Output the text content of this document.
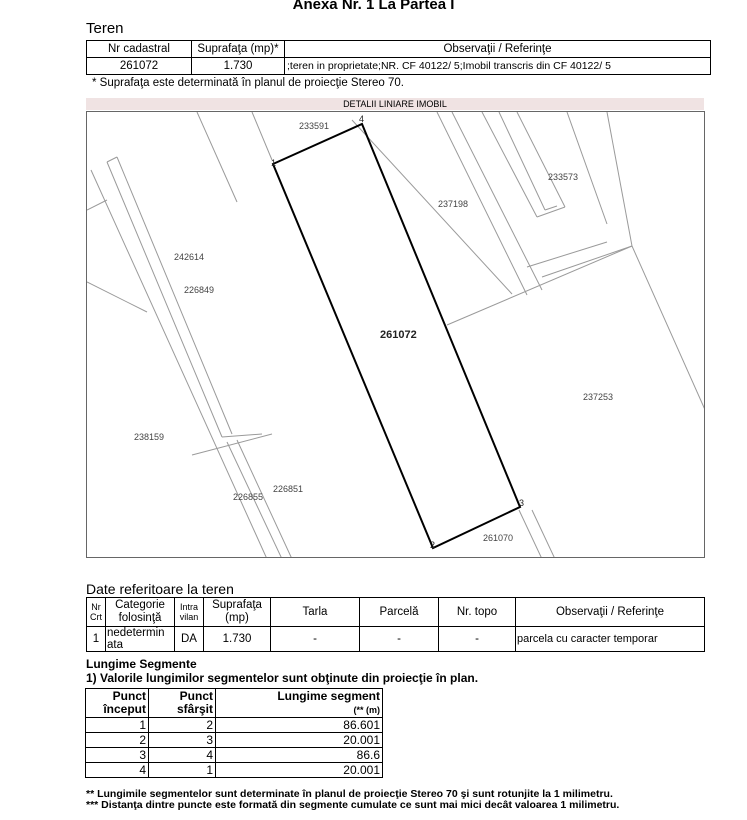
Anexa Nr. 1 La Partea I
Teren
Nr cadastral	Suprafaţa (mp)*	Observaţii / Referinţe
261072	1.730	;teren in proprietate;NR. CF 40122/ 5;Imobil transcris din CF 40122/ 5
* Suprafaţa este determinată în planul de proiecţie Stereo 70.
DETALII LINIARE IMOBIL
1
2
3
4
261072
233591
233573
237198
242614
226849
237253
238159
226855
226851
261070
Date referitoare la teren
Nr Crt	Categorie folosinţă	Intra vilan	Suprafaţa (mp)	Tarla	Parcelă	Nr. topo	Observaţii / Referinţe
1	nedetermin ata	DA	1.730	-	-	-	parcela cu caracter temporar
Lungime Segmente
1) Valorile lungimilor segmentelor sunt obţinute din proiecţie în plan.
Punct început	Punct sfârşit	Lungime segment
(** (m)
1	2	86.601
2	3	20.001
3	4	86.6
4	1	20.001
** Lungimile segmentelor sunt determinate în planul de proiecţie Stereo 70 şi sunt rotunjite la 1 milimetru.
*** Distanţa dintre puncte este formată din segmente cumulate ce sunt mai mici decât valoarea 1 milimetru.
